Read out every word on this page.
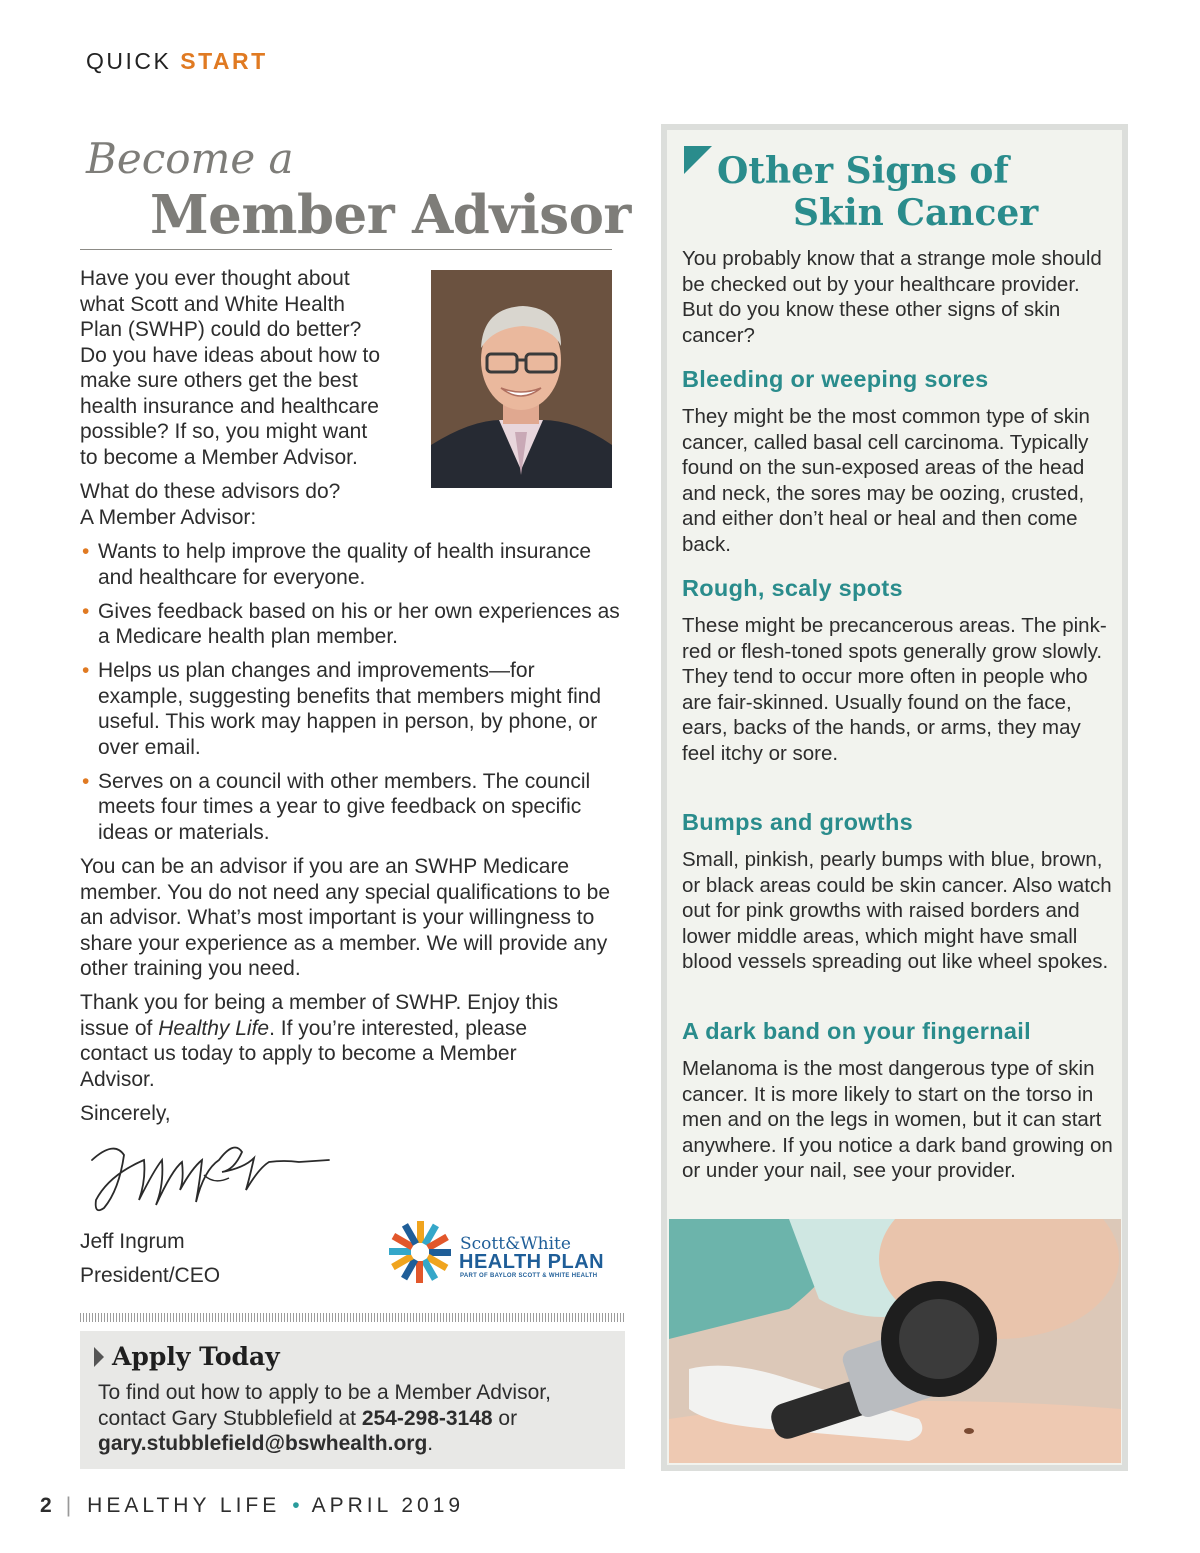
QUICK START
Become a
Member Advisor
Have you ever thought about
what Scott and White Health
Plan (SWHP) could do better?
Do you have ideas about how to
make sure others get the best
health insurance and healthcare
possible? If so, you might want
to become a Member Advisor.
What do these advisors do?
A Member Advisor:
• Wants to help improve the quality of health insurance and healthcare for everyone.
• Gives feedback based on his or her own experiences as a Medicare health plan member.
• Helps us plan changes and improvements—for example, suggesting benefits that members might find useful. This work may happen in person, by phone, or over email.
• Serves on a council with other members. The council meets four times a year to give feedback on specific ideas or materials.
You can be an advisor if you are an SWHP Medicare member. You do not need any special qualifications to be an advisor. What’s most important is your willingness to share your experience as a member. We will provide any other training you need.
Thank you for being a member of SWHP. Enjoy this issue of Healthy Life. If you’re interested, please contact us today to apply to become a Member Advisor.
Sincerely,
Jeff Ingrum
President/CEO
Scott&White
HEALTH PLAN
PART OF BAYLOR SCOTT & WHITE HEALTH
Apply Today
To find out how to apply to be a Member Advisor, contact Gary Stubblefield at 254-298-3148 or
gary.stubblefield@bswhealth.org.
2 | HEALTHY LIFE • APRIL 2019
Other Signs of
Skin Cancer
You probably know that a strange mole should be checked out by your healthcare provider. But do you know these other signs of skin cancer?
Bleeding or weeping sores
They might be the most common type of skin cancer, called basal cell carcinoma. Typically found on the sun-exposed areas of the head and neck, the sores may be oozing, crusted, and either don’t heal or heal and then come back.
Rough, scaly spots
These might be precancerous areas. The pink-red or flesh-toned spots generally grow slowly. They tend to occur more often in people who are fair-skinned. Usually found on the face, ears, backs of the hands, or arms, they may feel itchy or sore.
Bumps and growths
Small, pinkish, pearly bumps with blue, brown, or black areas could be skin cancer. Also watch out for pink growths with raised borders and lower middle areas, which might have small blood vessels spreading out like wheel spokes.
A dark band on your fingernail
Melanoma is the most dangerous type of skin cancer. It is more likely to start on the torso in men and on the legs in women, but it can start anywhere. If you notice a dark band growing on or under your nail, see your provider.
